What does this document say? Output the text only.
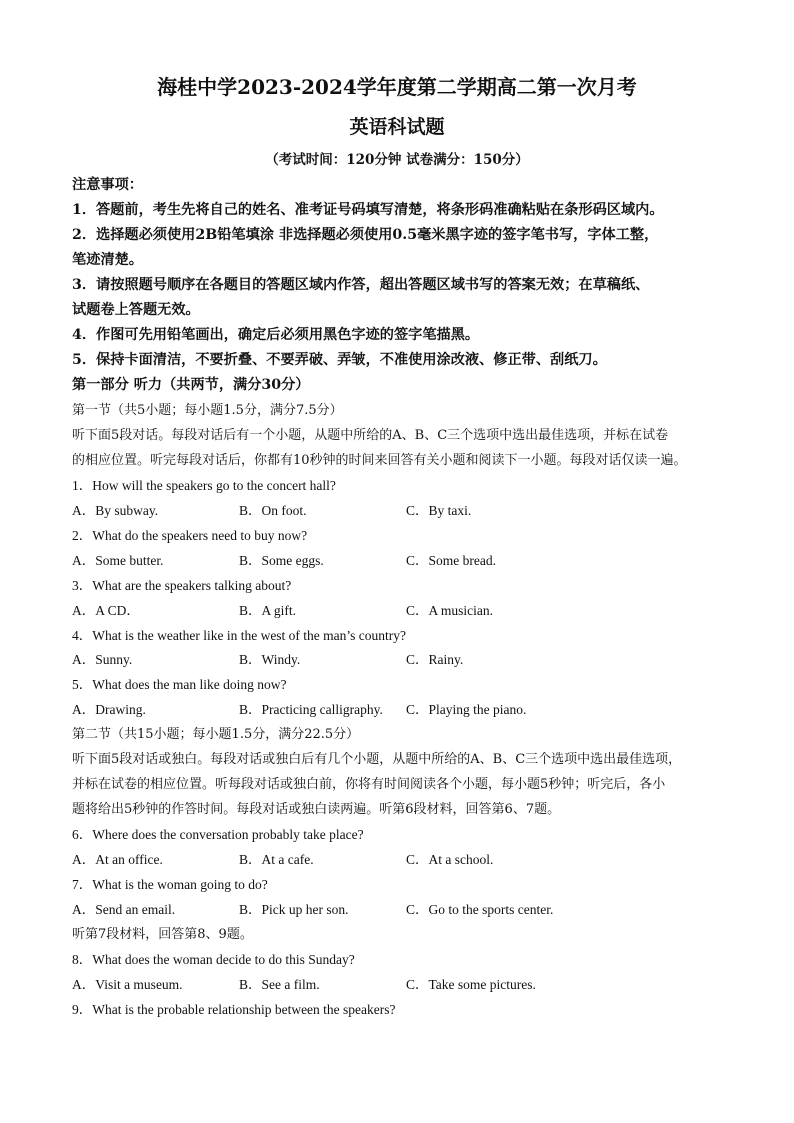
海桂中学2023-2024学年度第二学期高二第一次月考
英语科试题
（考试时间：120分钟 试卷满分：150分）
注意事项：
1．答题前，考生先将自己的姓名、准考证号码填写清楚，将条形码准确粘贴在条形码区域内。
2．选择题必须使用2B铅笔填涂 非选择题必须使用0.5毫米黑字迹的签字笔书写，字体工整，
笔迹清楚。
3．请按照题号顺序在各题目的答题区域内作答，超出答题区域书写的答案无效；在草稿纸、
试题卷上答题无效。
4．作图可先用铅笔画出，确定后必须用黑色字迹的签字笔描黑。
5．保持卡面清洁，不要折叠、不要弄破、弄皱，不准使用涂改液、修正带、刮纸刀。
第一部分 听力（共两节，满分30分）
第一节（共5小题；每小题1.5分，满分7.5分）
听下面5段对话。每段对话后有一个小题，从题中所给的A、B、C三个选项中选出最佳选项，并标在试卷
的相应位置。听完每段对话后，你都有10秒钟的时间来回答有关小题和阅读下一小题。每段对话仅读一遍。
1．How will the speakers go to the concert hall?
A．By subway.	B．On foot.	C．By taxi.
2．What do the speakers need to buy now?
A．Some butter.	B．Some eggs.	C．Some bread.
3．What are the speakers talking about?
A．A CD．	B．A gift.	C．A musician.
4．What is the weather like in the west of the man’s country?
A．Sunny.	B．Windy.	C．Rainy.
5．What does the man like doing now?
A．Drawing.	B．Practicing calligraphy. C．Playing the piano.
第二节（共15小题；每小题1.5分，满分22.5分）
听下面5段对话或独白。每段对话或独白后有几个小题，从题中所给的A、B、C三个选项中选出最佳选项，
并标在试卷的相应位置。听每段对话或独白前，你将有时间阅读各个小题，每小题5秒钟；听完后，各小
题将给出5秒钟的作答时间。每段对话或独白读两遍。听第6段材料，回答第6、7题。
6．Where does the conversation probably take place?
A．At an office.	B．At a cafe.	C．At a school.
7．What is the woman going to do?
A．Send an email.	B．Pick up her son.	C．Go to the sports center.
听第7段材料，回答第8、9题。
8．What does the woman decide to do this Sunday?
A．Visit a museum.	B．See a film.	C．Take some pictures.
9．What is the probable relationship between the speakers?
